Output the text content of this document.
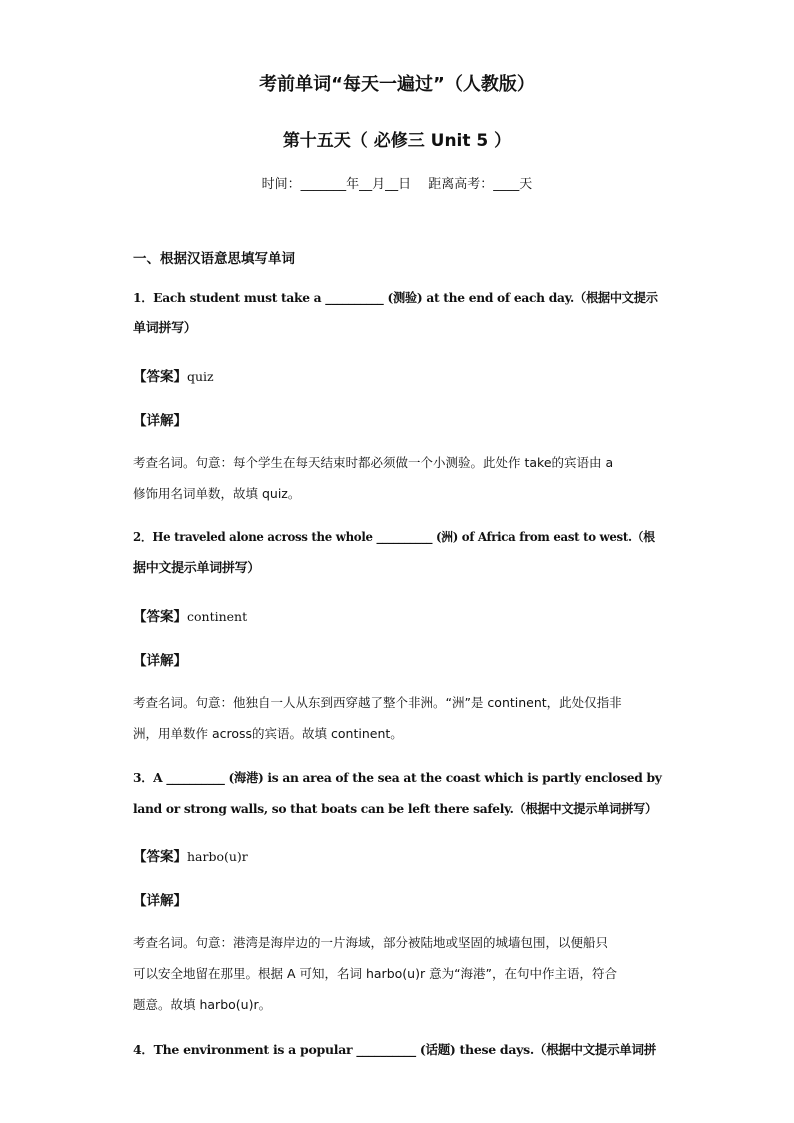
考前单词“每天一遍过”（人教版）
第十五天（ 必修三 Unit 5 ）
时间：_______年__月__日　 距离高考：____天
一、根据汉语意思填写单词
1．Each student must take a __________ (测验) at the end of each day.（根据中文提示
单词拼写）
【答案】quiz
【详解】
考查名词。句意：每个学生在每天结束时都必须做一个小测验。此处作 take的宾语由 a
修饰用名词单数，故填 quiz。
2．He traveled alone across the whole __________ (洲) of Africa from east to west.（根
据中文提示单词拼写）
【答案】continent
【详解】
考查名词。句意：他独自一人从东到西穿越了整个非洲。“洲”是 continent，此处仅指非
洲，用单数作 across的宾语。故填 continent。
3．A __________ (海港) is an area of the sea at the coast which is partly enclosed by
land or strong walls, so that boats can be left there safely.（根据中文提示单词拼写）
【答案】harbo(u)r
【详解】
考查名词。句意：港湾是海岸边的一片海域，部分被陆地或坚固的城墙包围，以便船只
可以安全地留在那里。根据 A 可知，名词 harbo(u)r 意为“海港”，在句中作主语，符合
题意。故填 harbo(u)r。
4．The environment is a popular __________ (话题) these days.（根据中文提示单词拼
